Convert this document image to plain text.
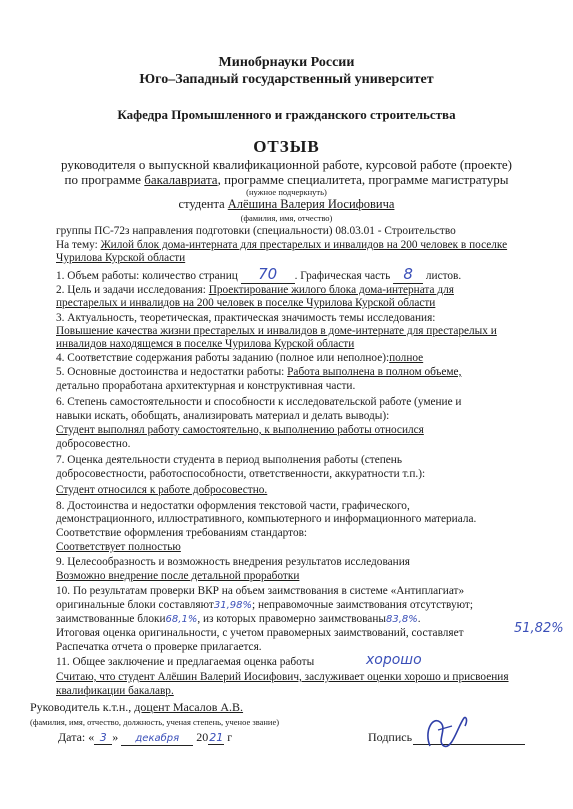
Минобрнауки России
Юго–Западный государственный университет
Кафедра Промышленного и гражданского строительства
ОТЗЫВ
руководителя о выпускной квалификационной работе, курсовой работе (проекте)
по программе бакалавриата, программе специалитета, программе магистратуры
(нужное подчеркнуть)
студента Алёшина Валерия Иосифовича
(фамилия, имя, отчество)
группы ПС-72з направления подготовки (специальности) 08.03.01 - Строительство
На тему: Жилой блок дома-интерната для престарелых и инвалидов на 200 человек в поселке
Чурилова Курской области
1. Объем работы: количество страниц 70 . Графическая часть 8 листов.
2. Цель и задачи исследования: Проектирование жилого блока дома-интерната для
престарелых и инвалидов на 200 человек в поселке Чурилова Курской области
3. Актуальность, теоретическая, практическая значимость темы исследования:
Повышение качества жизни престарелых и инвалидов в доме-интернате для престарелых и
инвалидов находящемся в поселке Чурилова Курской области
4. Соответствие содержания работы заданию (полное или неполное):полное
5. Основные достоинства и недостатки работы: Работа выполнена в полном объеме,
детально проработана архитектурная и конструктивная части.
6. Степень самостоятельности и способности к исследовательской работе (умение и
навыки искать, обобщать, анализировать материал и делать выводы):
Студент выполнял работу самостоятельно, к выполнению работы относился
добросовестно.
7. Оценка деятельности студента в период выполнения работы (степень
добросовестности, работоспособности, ответственности, аккуратности т.п.):
Студент относился к работе добросовестно.
8. Достоинства и недостатки оформления текстовой части, графического,
демонстрационного, иллюстративного, компьютерного и информационного материала.
Соответствие оформления требованиям стандартов:
Соответствует полностью
9. Целесообразность и возможность внедрения результатов исследования
Возможно внедрение после детальной проработки
10. По результатам проверки ВКР на объем заимствования в системе «Антиплагиат»
оригинальные блоки составляют31,98%; неправомочные заимствования отсутствуют;
заимствованные блоки68,1%, из которых правомерно заимствованы83,8%.
Итоговая оценка оригинальности, с учетом правомерных заимствований, составляет	51,82%
Распечатка отчета о проверке прилагается.
11. Общее заключение и предлагаемая оценка работы	хорошо
Считаю, что студент Алёшин Валерий Иосифович, заслуживает оценки хорошо и присвоения
квалификации бакалавр.
Руководитель к.т.н., доцент Масалов А.В.
(фамилия, имя, отчество, должность, ученая степень, ученое звание)
Дата: « 3 » декабря 2021 г	Подпись
